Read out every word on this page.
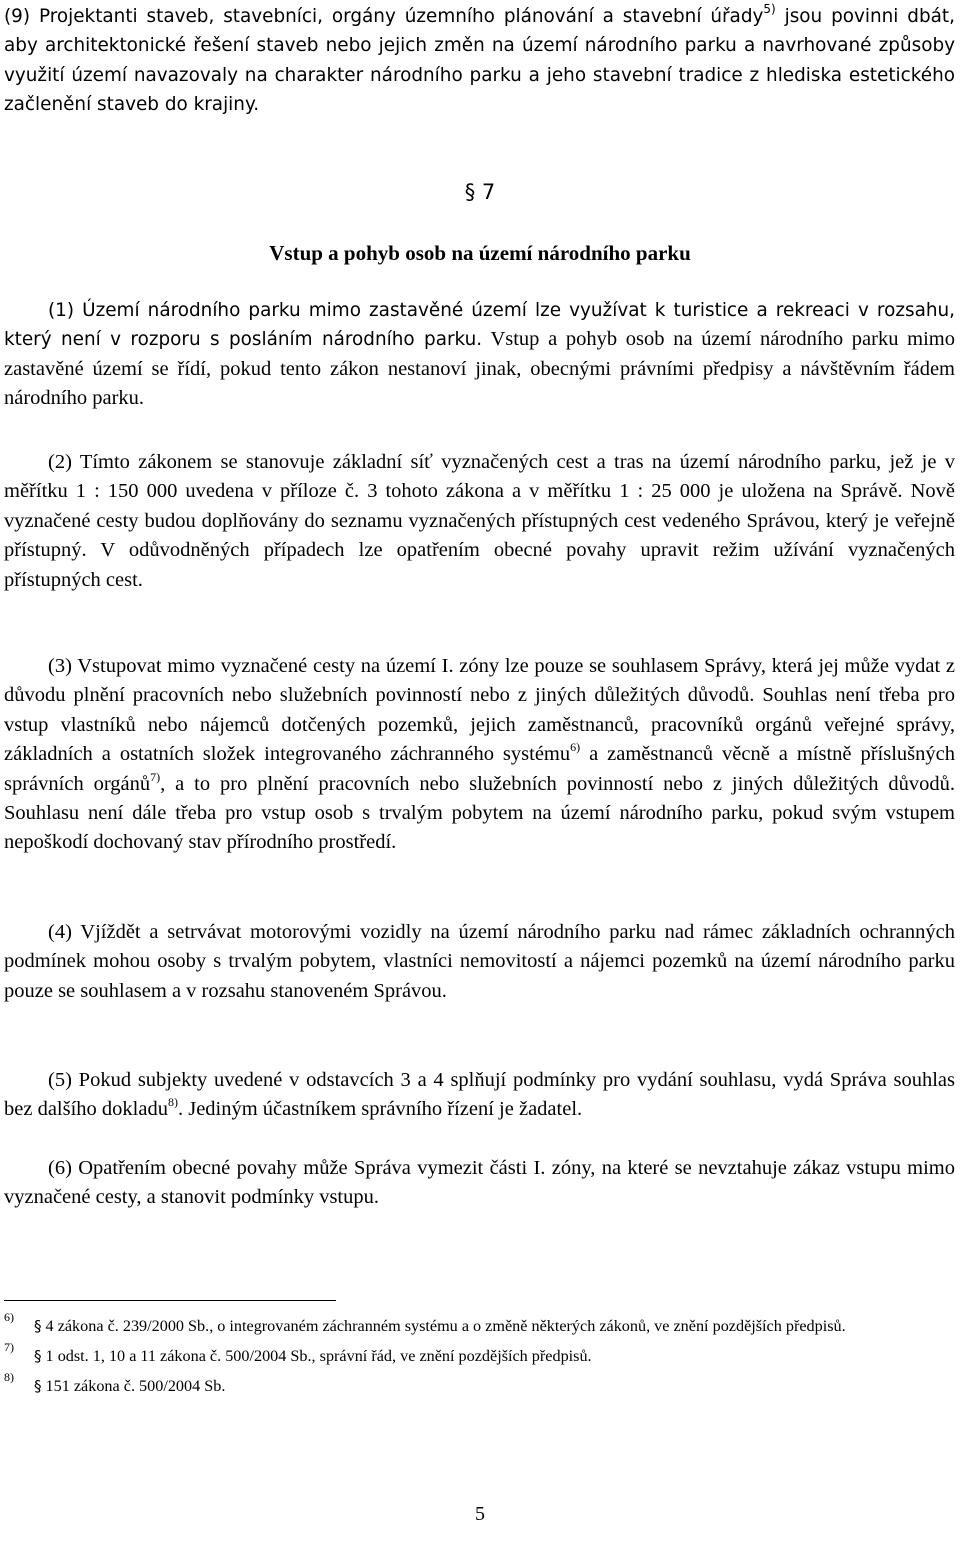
(9) Projektanti staveb, stavebníci, orgány územního plánování a stavební úřady$^{5)}$ jsou povinni dbát, aby architektonické řešení staveb nebo jejich změn na území národního parku a navrhované způsoby využití území navazovaly na charakter národního parku a jeho stavební tradice z hlediska estetického začlenění staveb do krajiny.

§ 7
Vstup a pohyb osob na území národního parku

(1) Území národního parku mimo zastavěné území lze využívat k turistice a rekreaci v rozsahu, který není v rozporu s posláním národního parku. Vstup a pohyb osob na území národního parku mimo zastavěné území se řídí, pokud tento zákon nestanoví jinak, obecnými právními předpisy a návštěvním řádem národního parku.

(2) Tímto zákonem se stanovuje základní síť vyznačených cest a tras na území národního parku, jež je v měřítku 1 : 150 000 uvedena v příloze č. 3 tohoto zákona a v měřítku 1 : 25 000 je uložena na Správě. Nově vyznačené cesty budou doplňovány do seznamu vyznačených přístupných cest vedeného Správou, který je veřejně přístupný. V odůvodněných případech lze opatřením obecné povahy upravit režim užívání vyznačených přístupných cest.

(3) Vstupovat mimo vyznačené cesty na území I. zóny lze pouze se souhlasem Správy, která jej může vydat z důvodu plnění pracovních nebo služebních povinností nebo z jiných důležitých důvodů. Souhlas není třeba pro vstup vlastníků nebo nájemců dotčených pozemků, jejich zaměstnanců, pracovníků orgánů veřejné správy, základních a ostatních složek integrovaného záchranného systému$^{6)}$ a zaměstnanců věcně a místně příslušných správních orgánů$^{7)}$, a to pro plnění pracovních nebo služebních povinností nebo z jiných důležitých důvodů. Souhlasu není dále třeba pro vstup osob s trvalým pobytem na území národního parku, pokud svým vstupem nepoškodí dochovaný stav přírodního prostředí.

(4) Vjíždět a setrvávat motorovými vozidly na území národního parku nad rámec základních ochranných podmínek mohou osoby s trvalým pobytem, vlastníci nemovitostí a nájemci pozemků na území národního parku pouze se souhlasem a v rozsahu stanoveném Správou.

(5) Pokud subjekty uvedené v odstavcích 3 a 4 splňují podmínky pro vydání souhlasu, vydá Správa souhlas bez dalšího dokladu$^{8)}$. Jediným účastníkem správního řízení je žadatel.

(6) Opatřením obecné povahy může Správa vymezit části I. zóny, na které se nevztahuje zákaz vstupu mimo vyznačené cesty, a stanovit podmínky vstupu.

6) § 4 zákona č. 239/2000 Sb., o integrovaném záchranném systému a o změně některých zákonů, ve znění pozdějších předpisů.

7) § 1 odst. 1, 10 a 11 zákona č. 500/2004 Sb., správní řád, ve znění pozdějších předpisů.

8) § 151 zákona č. 500/2004 Sb.

5
